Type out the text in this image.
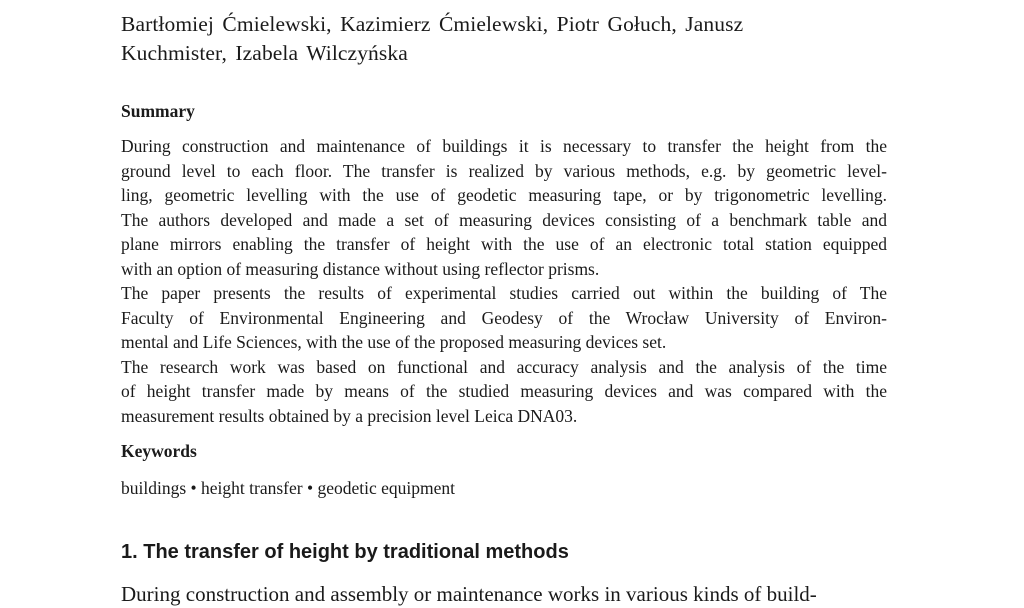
Bartłomiej Ćmielewski, Kazimierz Ćmielewski, Piotr Gołuch, Janusz
Kuchmister, Izabela Wilczyńska

Summary
During construction and maintenance of buildings it is necessary to transfer the height from the
ground level to each floor. The transfer is realized by various methods, e.g. by geometric level-
ling, geometric levelling with the use of geodetic measuring tape, or by trigonometric levelling.
The authors developed and made a set of measuring devices consisting of a benchmark table and
plane mirrors enabling the transfer of height with the use of an electronic total station equipped
with an option of measuring distance without using reflector prisms.
The paper presents the results of experimental studies carried out within the building of The
Faculty of Environmental Engineering and Geodesy of the Wrocław University of Environ-
mental and Life Sciences, with the use of the proposed measuring devices set.
The research work was based on functional and accuracy analysis and the analysis of the time
of height transfer made by means of the studied measuring devices and was compared with the
measurement results obtained by a precision level Leica DNA03.
Keywords

buildings • height transfer • geodetic equipment

1. The transfer of height by traditional methods

During construction and assembly or maintenance works in various kinds of build-
